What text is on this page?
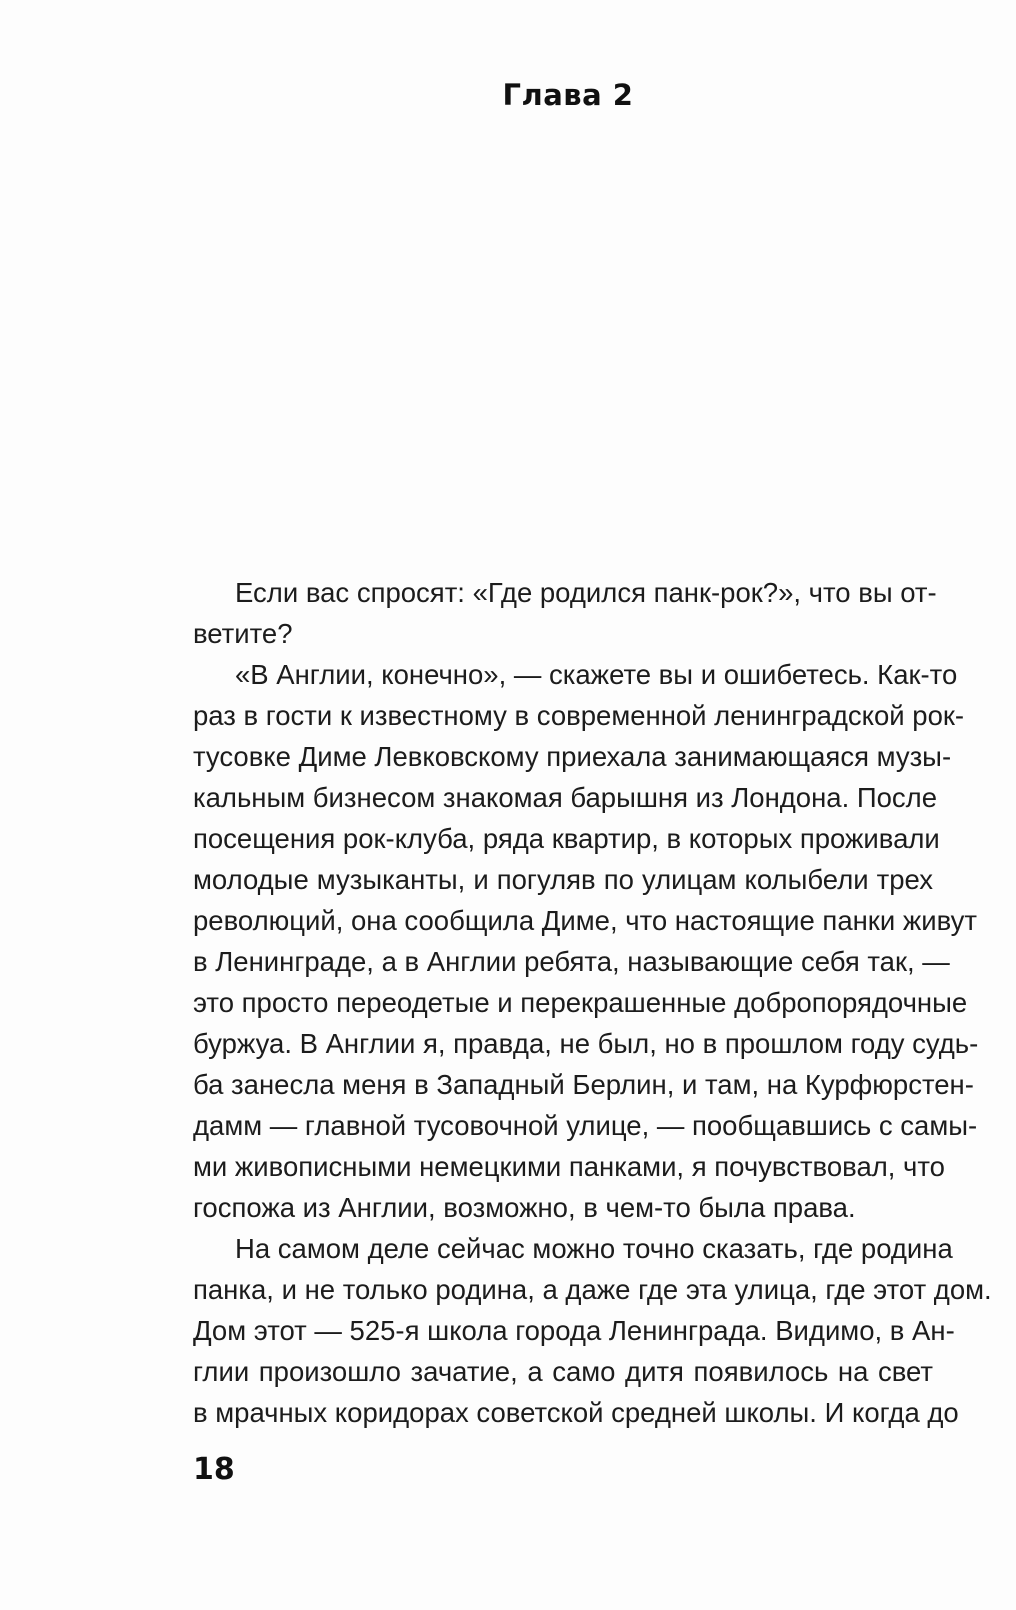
Глава 2
Если вас спросят: «Где родился панк-рок?», что вы от-
ветите?
«В Англии, конечно», — скажете вы и ошибетесь. Как-то
раз в гости к известному в современной ленинградской рок-
тусовке Диме Левковскому приехала занимающаяся музы-
кальным бизнесом знакомая барышня из Лондона. После
посещения рок-клуба, ряда квартир, в которых проживали
молодые музыканты, и погуляв по улицам колыбели трех
революций, она сообщила Диме, что настоящие панки живут
в Ленинграде, а в Англии ребята, называющие себя так, —
это просто переодетые и перекрашенные добропорядочные
буржуа. В Англии я, правда, не был, но в прошлом году судь-
ба занесла меня в Западный Берлин, и там, на Курфюрстен-
дамм — главной тусовочной улице, — пообщавшись с самы-
ми живописными немецкими панками, я почувствовал, что
госпожа из Англии, возможно, в чем-то была права.
На самом деле сейчас можно точно сказать, где родина
панка, и не только родина, а даже где эта улица, где этот дом.
Дом этот — 525-я школа города Ленинграда. Видимо, в Ан-
глии произошло зачатие, а само дитя появилось на свет
в мрачных коридорах советской средней школы. И когда до
18
